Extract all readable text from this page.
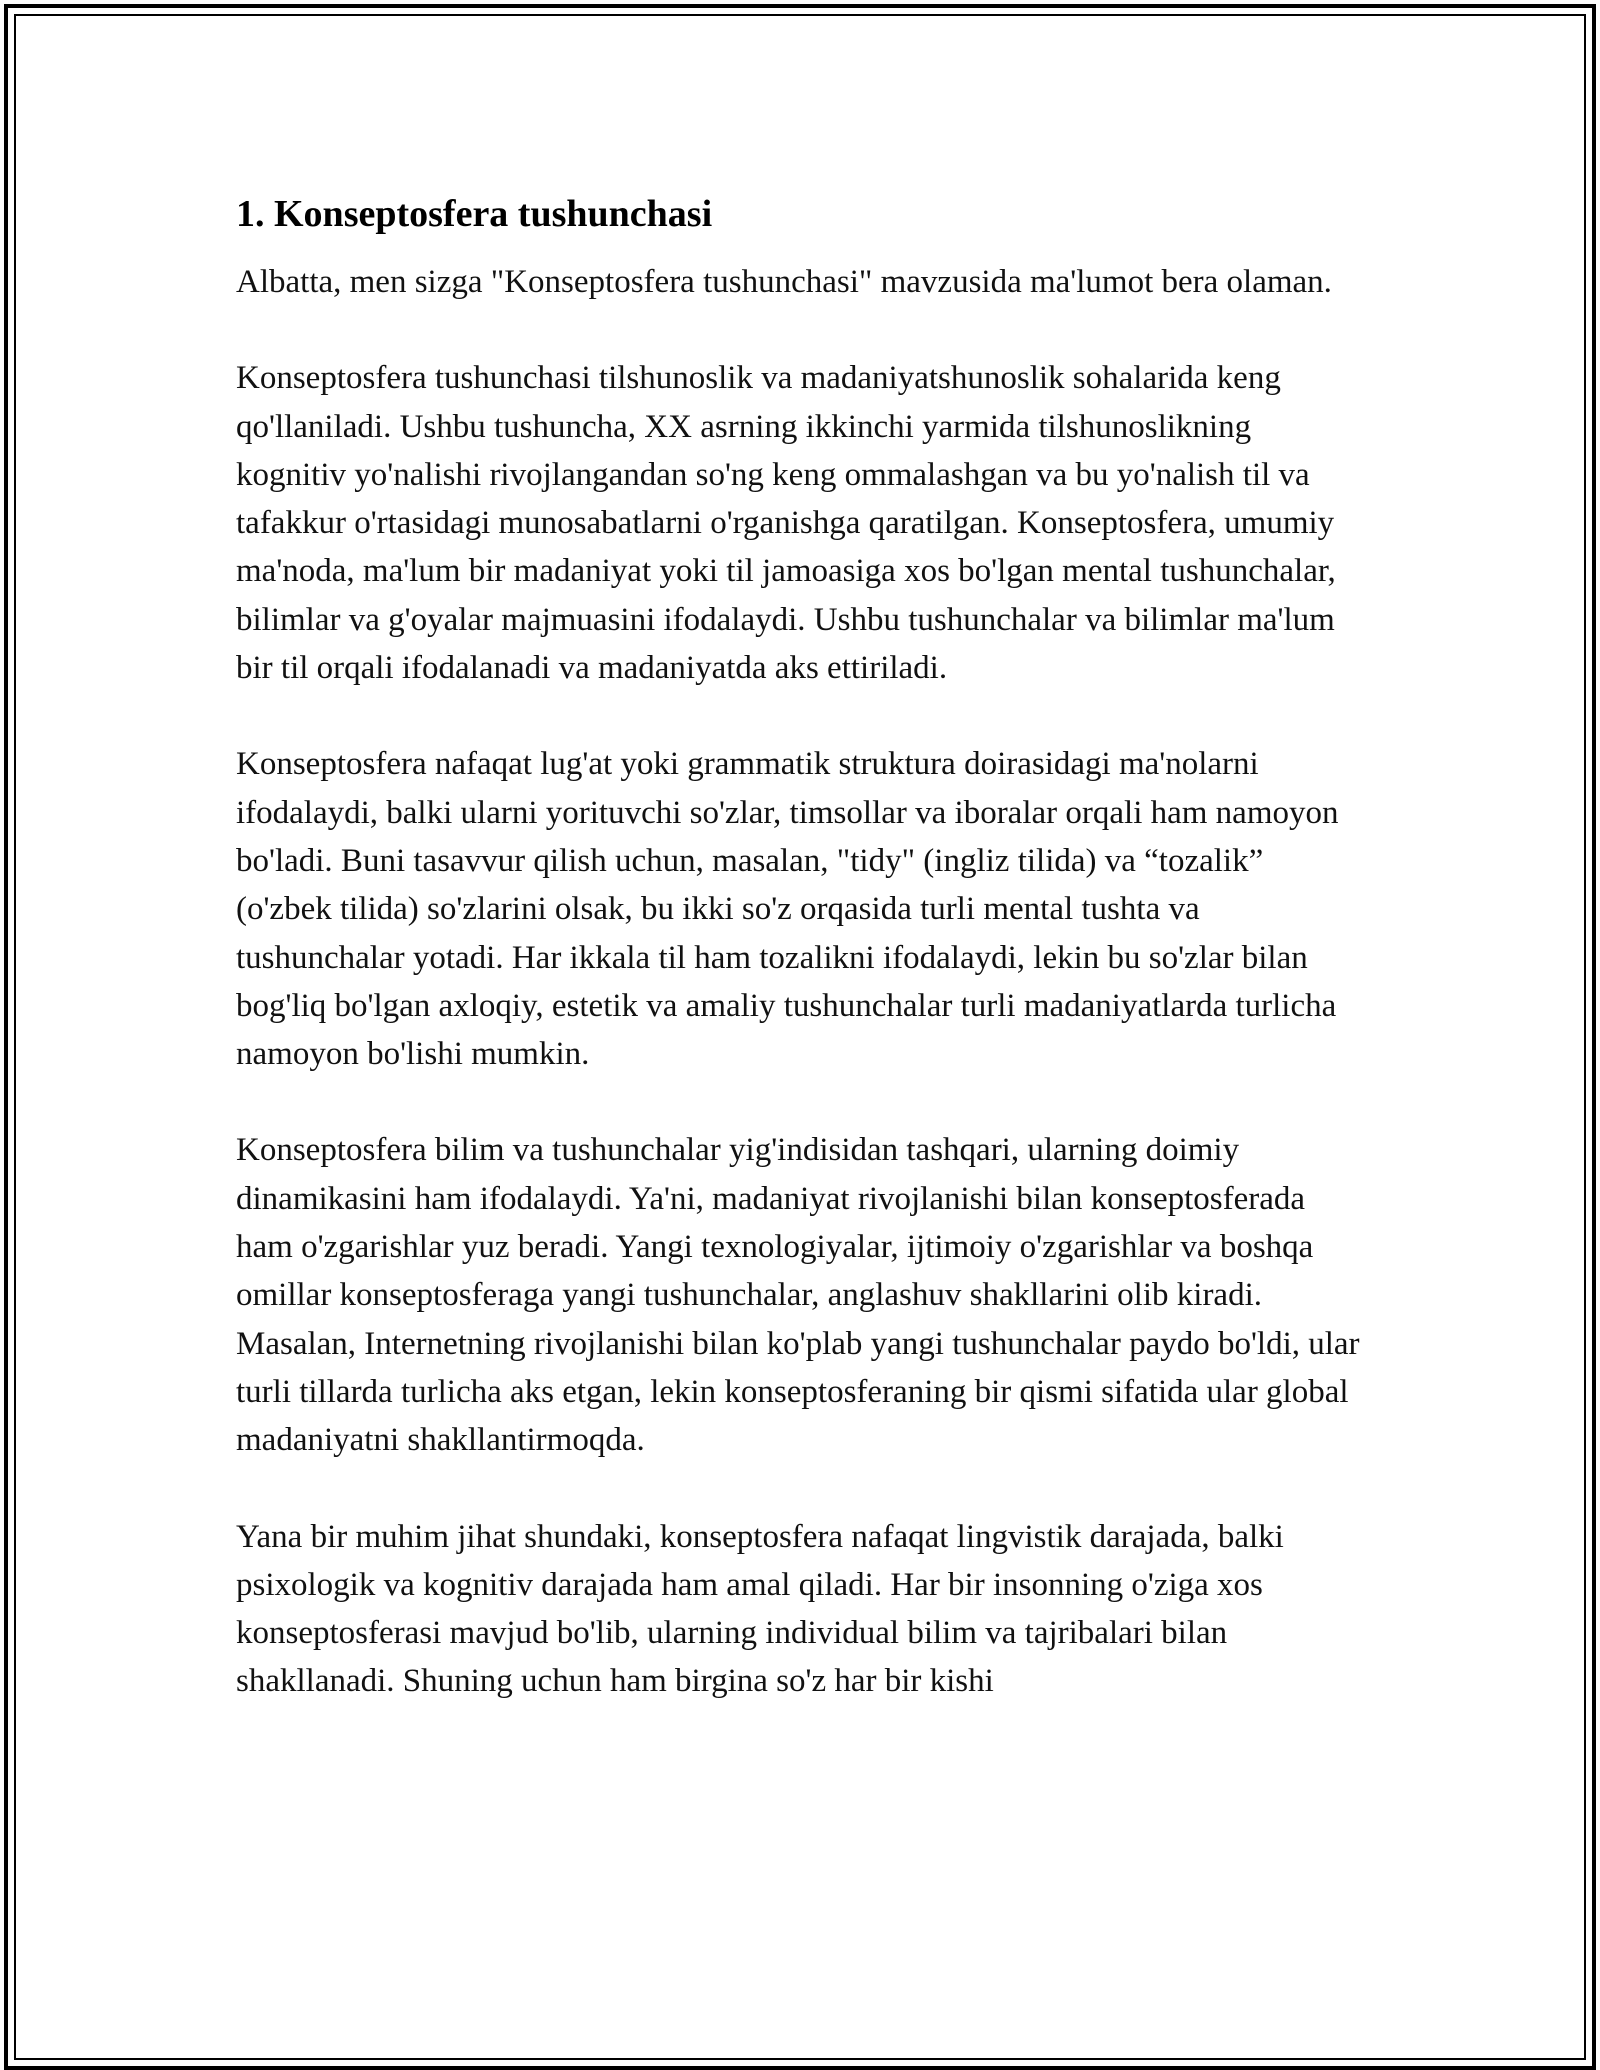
1. Konseptosfera tushunchasi

Albatta, men sizga "Konseptosfera tushunchasi" mavzusida ma'lumot bera olaman.

Konseptosfera tushunchasi tilshunoslik va madaniyatshunoslik sohalarida keng qo'llaniladi. Ushbu tushuncha, XX asrning ikkinchi yarmida tilshunoslikning kognitiv yo'nalishi rivojlangandan so'ng keng ommalashgan va bu yo'nalish til va tafakkur o'rtasidagi munosabatlarni o'rganishga qaratilgan. Konseptosfera, umumiy ma'noda, ma'lum bir madaniyat yoki til jamoasiga xos bo'lgan mental tushunchalar, bilimlar va g'oyalar majmuasini ifodalaydi. Ushbu tushunchalar va bilimlar ma'lum bir til orqali ifodalanadi va madaniyatda aks ettiriladi.

Konseptosfera nafaqat lug'at yoki grammatik struktura doirasidagi ma'nolarni ifodalaydi, balki ularni yorituvchi so'zlar, timsollar va iboralar orqali ham namoyon bo'ladi. Buni tasavvur qilish uchun, masalan, "tidy" (ingliz tilida) va “tozalik” (o'zbek tilida) so'zlarini olsak, bu ikki so'z orqasida turli mental tushta va tushunchalar yotadi. Har ikkala til ham tozalikni ifodalaydi, lekin bu so'zlar bilan bog'liq bo'lgan axloqiy, estetik va amaliy tushunchalar turli madaniyatlarda turlicha namoyon bo'lishi mumkin.

Konseptosfera bilim va tushunchalar yig'indisidan tashqari, ularning doimiy dinamikasini ham ifodalaydi. Ya'ni, madaniyat rivojlanishi bilan konseptosferada ham o'zgarishlar yuz beradi. Yangi texnologiyalar, ijtimoiy o'zgarishlar va boshqa omillar konseptosferaga yangi tushunchalar, anglashuv shakllarini olib kiradi. Masalan, Internetning rivojlanishi bilan ko'plab yangi tushunchalar paydo bo'ldi, ular turli tillarda turlicha aks etgan, lekin konseptosferaning bir qismi sifatida ular global madaniyatni shakllantirmoqda.

Yana bir muhim jihat shundaki, konseptosfera nafaqat lingvistik darajada, balki psixologik va kognitiv darajada ham amal qiladi. Har bir insonning o'ziga xos konseptosferasi mavjud bo'lib, ularning individual bilim va tajribalari bilan shakllanadi. Shuning uchun ham birgina so'z har bir kishi
